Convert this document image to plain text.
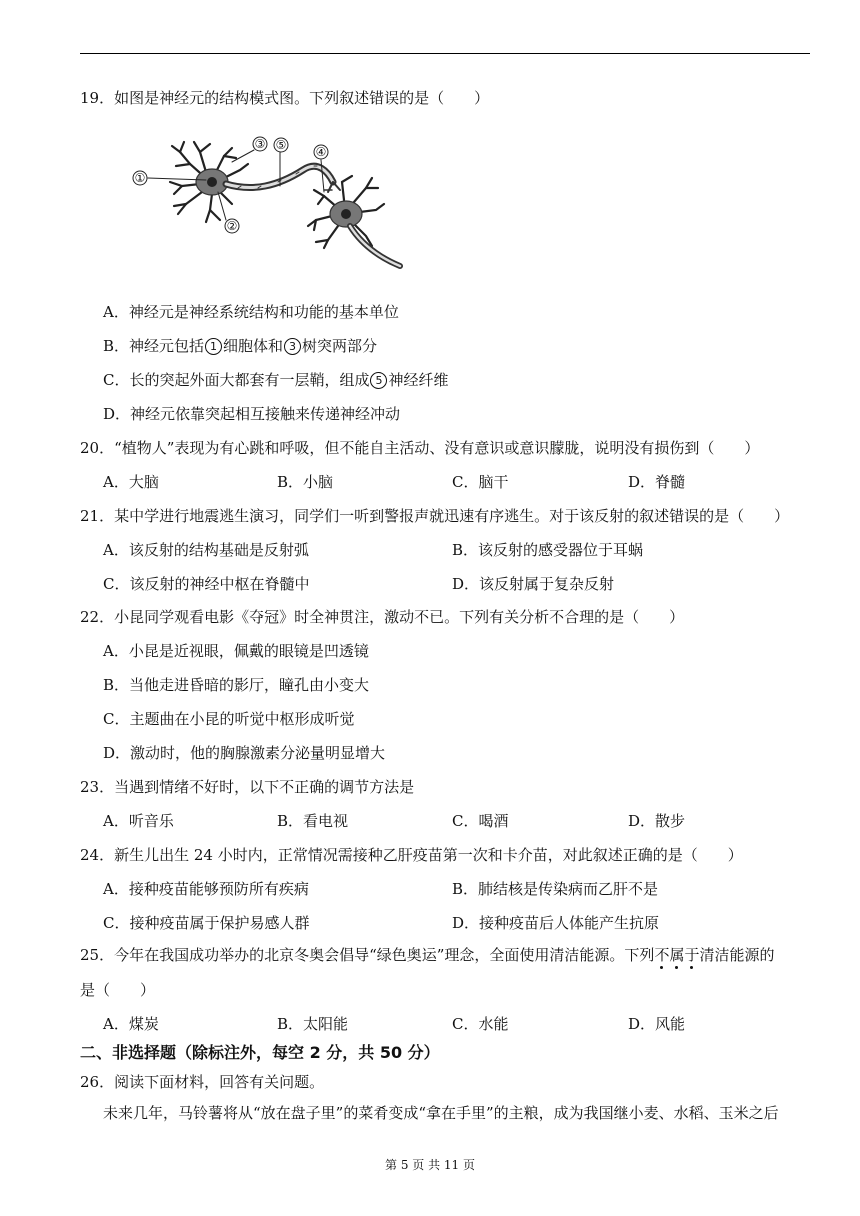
19．如图是神经元的结构模式图。下列叙述错误的是（　　）
①
②
③
④
⑤
A．神经元是神经系统结构和功能的基本单位
B．神经元包括 1 细胞体和 3 树突两部分
C．长的突起外面大都套有一层鞘，组成 5 神经纤维
D．神经元依靠突起相互接触来传递神经冲动
20．“植物人”表现为有心跳和呼吸，但不能自主活动、没有意识或意识朦胧，说明没有损伤到（　　）
A．大脑	B．小脑	C．脑干	D．脊髓
21．某中学进行地震逃生演习，同学们一听到警报声就迅速有序逃生。对于该反射的叙述错误的是（　　）
A．该反射的结构基础是反射弧	B．该反射的感受器位于耳蜗
C．该反射的神经中枢在脊髓中	D．该反射属于复杂反射
22．小昆同学观看电影《夺冠》时全神贯注，激动不已。下列有关分析不合理的是（　　）
A．小昆是近视眼，佩戴的眼镜是凹透镜
B．当他走进昏暗的影厅，瞳孔由小变大
C．主题曲在小昆的听觉中枢形成听觉
D．激动时，他的胸腺激素分泌量明显增大
23．当遇到情绪不好时，以下不正确的调节方法是
A．听音乐	B．看电视	C．喝酒	D．散步
24．新生儿出生 24 小时内，正常情况需接种乙肝疫苗第一次和卡介苗，对此叙述正确的是（　　）
A．接种疫苗能够预防所有疾病	B．肺结核是传染病而乙肝不是
C．接种疫苗属于保护易感人群	D．接种疫苗后人体能产生抗原
25．今年在我国成功举办的北京冬奥会倡导“绿色奥运”理念，全面使用清洁能源。下列不属于清洁能源的
是（　　）
A．煤炭	B．太阳能	C．水能	D．风能
二、非选择题（除标注外，每空 2 分，共 50 分）
26．阅读下面材料，回答有关问题。
未来几年，马铃薯将从“放在盘子里”的菜肴变成“拿在手里”的主粮，成为我国继小麦、水稻、玉米之后
第 5 页 共 11 页
